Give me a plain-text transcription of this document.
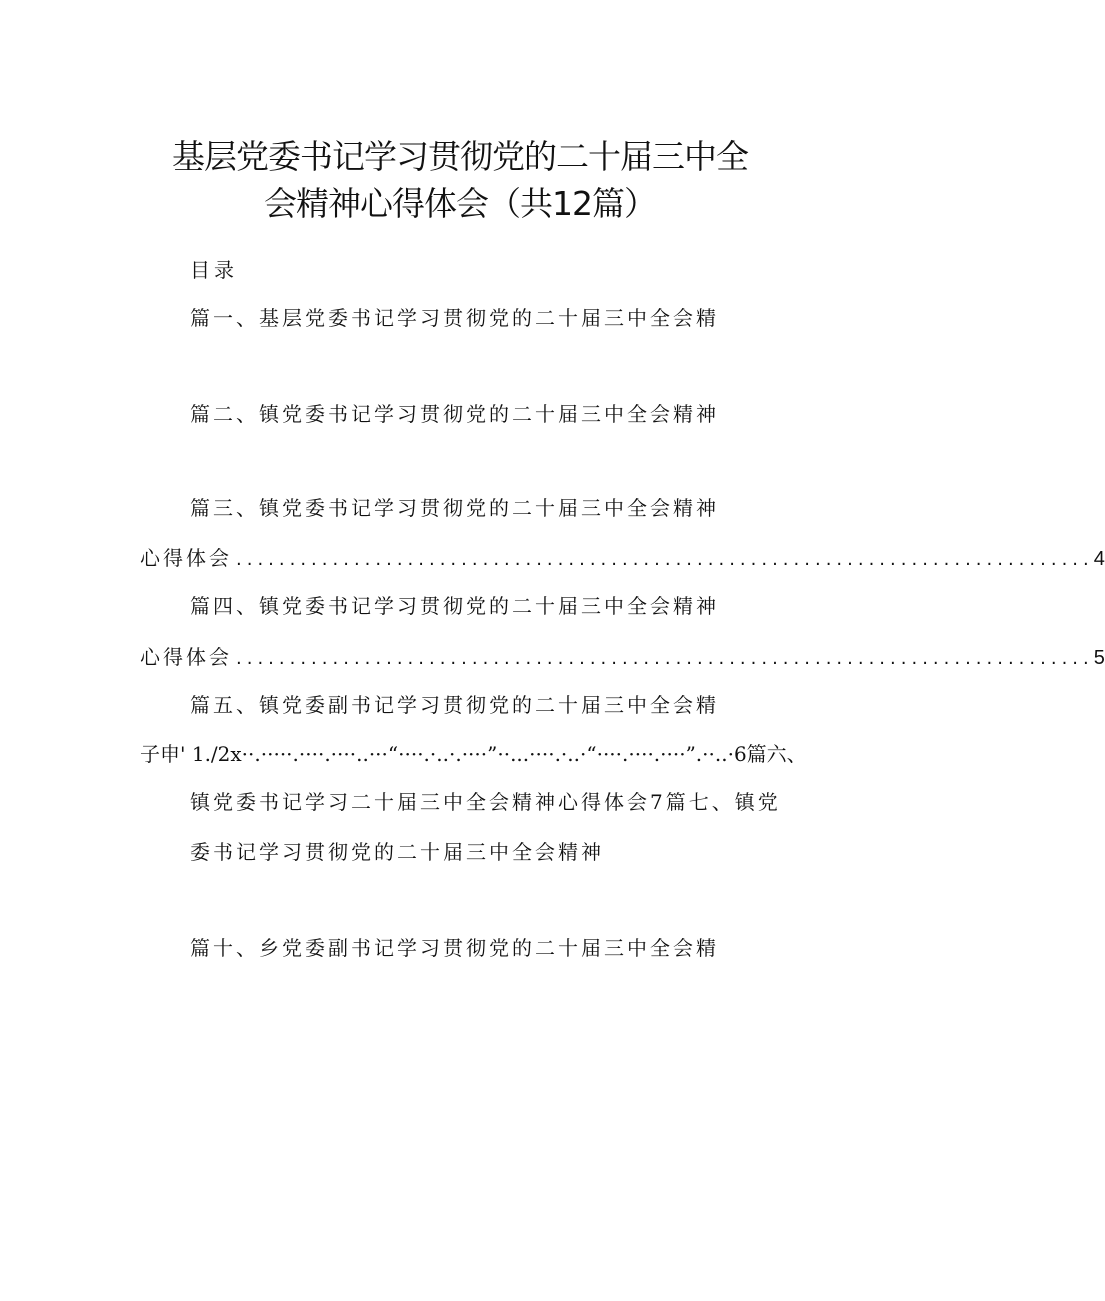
基层党委书记学习贯彻党的二十届三中全
会精神心得体会（共12篇）
目录
篇一、基层党委书记学习贯彻党的二十届三中全会精
篇二、镇党委书记学习贯彻党的二十届三中全会精神
篇三、镇党委书记学习贯彻党的二十届三中全会精神
心得体会 ................................................................................ 4
篇四、镇党委书记学习贯彻党的二十届三中全会精神
心得体会 ................................................................................ 5
篇五、镇党委副书记学习贯彻党的二十届三中全会精
子申' 1./2x··.·····.····.····..···“····.·..·.····”··...····.·..·“····.····.····”.··..·6篇六、
镇党委书记学习二十届三中全会精神心得体会7篇七、镇党
委书记学习贯彻党的二十届三中全会精神
篇十、乡党委副书记学习贯彻党的二十届三中全会精
